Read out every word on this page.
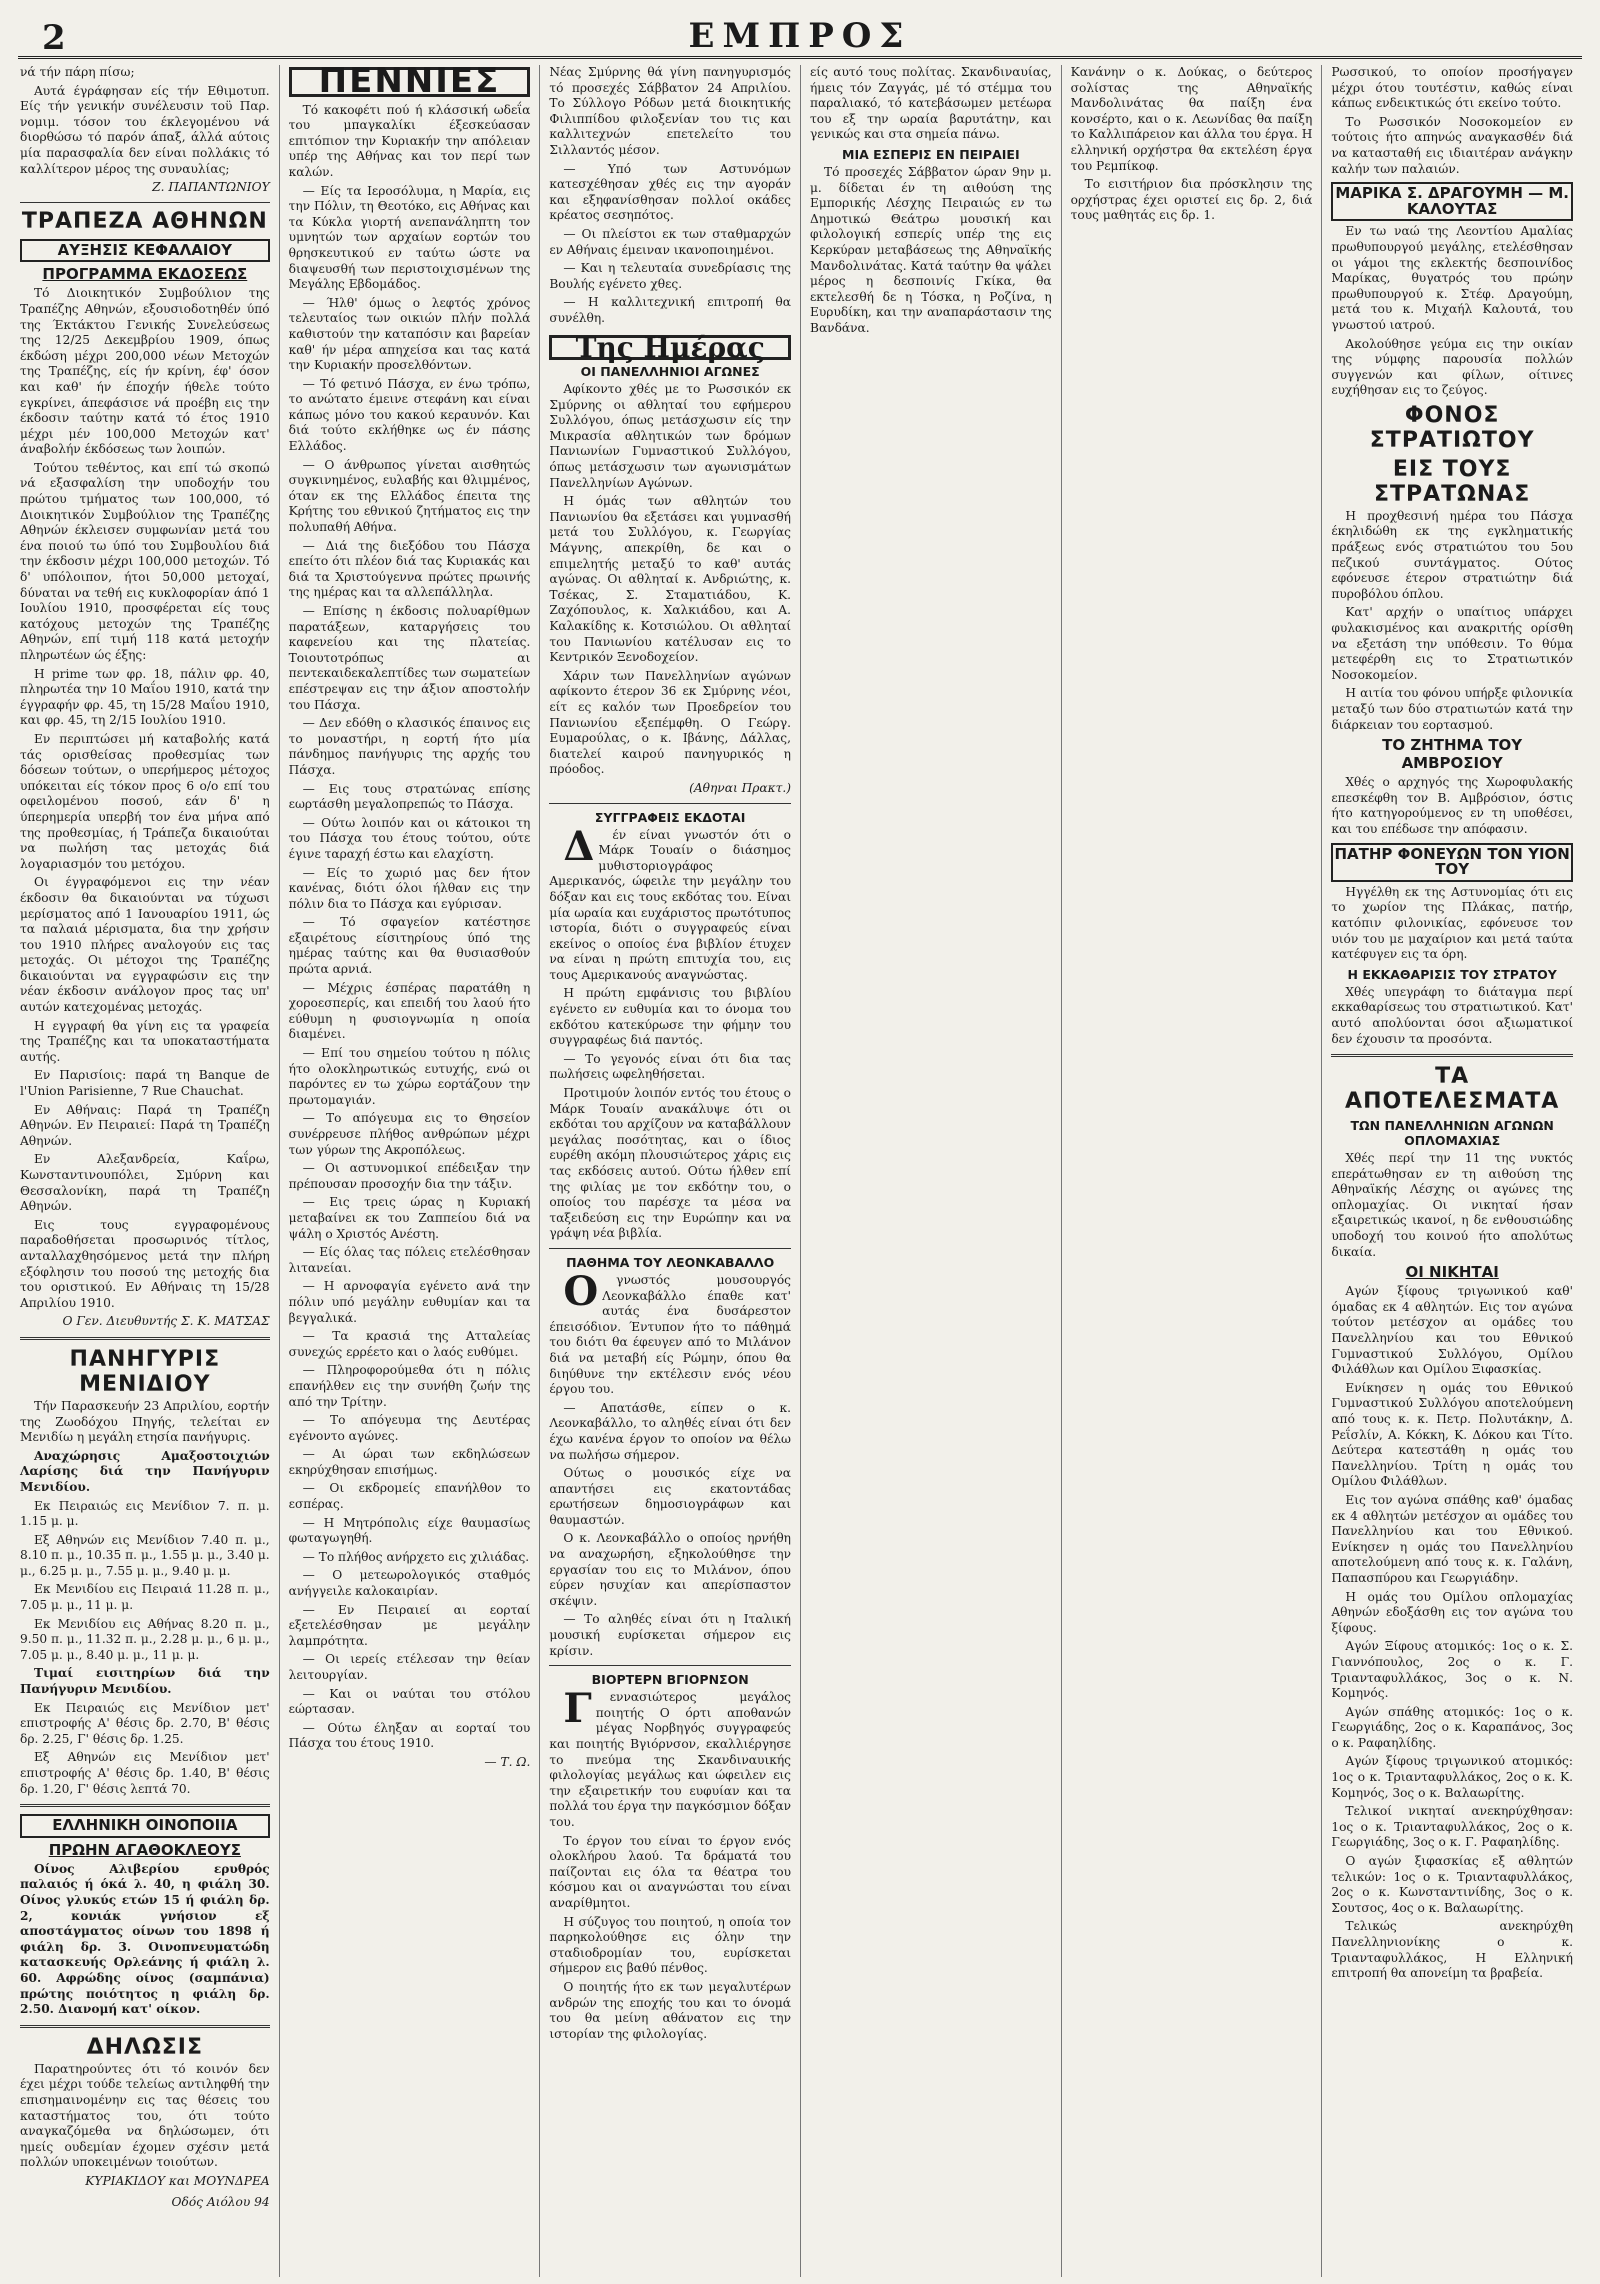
2	ΕΜΠΡΟΣ

νά τήν πάρη πίσω;

Αυτά έγράφησαν είς τήν Εθιμοτυπ. Είς τήν γενικήν συνέλευσιν τοϋ Παρ. νομιμ. τόσον του έκλεγομένου νά διορθώσω τό παρόν άπαξ, άλλά αύτοις μία παρασφαλία δεν είναι πολλάκις τό καλλίτερον μέρος της συναυλίας;

Ζ. ΠΑΠΑΝΤΩΝΙΟΥ
ΤΡΑΠΕΖΑ ΑΘΗΝΩΝ
ΑΥΞΗΣΙΣ ΚΕΦΑΛΑΙΟΥ
ΠΡΟΓΡΑΜΜΑ ΕΚΔΟΣΕΩΣ

Τό Διοικητικόν Συμβούλιον της Τραπέζης Αθηνών, εξουσιοδοτηθέν ύπό της Έκτάκτου Γενικής Συνελεύσεως της 12/25 Δεκεμβρίου 1909, όπως έκδώση μέχρι 200,000 νέων Μετοχών της Τραπέζης, είς ήν κρίνη, έφ' όσον και καθ' ήν έποχήν ήθελε τούτο εγκρίνει, άπεφάσισε νά προέβη εις την έκδοσιν ταύτην κατά τό έτος 1910 μέχρι μέν 100,000 Μετοχών κατ' άναβολήν έκδόσεως των λοιπών.

Τούτου τεθέντος, και επί τώ σκοπώ νά εξασφαλίση την υποδοχήν του πρώτου τμήματος των 100,000, τό Διοικητικόν Συμβούλιον της Τραπέζης Αθηνών έκλεισεν συμφωνίαν μετά του ένα ποιού τω ύπό του Συμβουλίου διά την έκδοσιν μέχρι 100,000 μετοχών. Τό δ' υπόλοιπον, ήτοι 50,000 μετοχαί, δύναται να τεθή εις κυκλοφορίαν άπό 1 Ιουλίου 1910, προσφέρεται είς τους κατόχους μετοχών της Τραπέζης Αθηνών, επί τιμή 118 κατά μετοχήν πληρωτέων ώς έξης:

Η prime των φρ. 18, πάλιν φρ. 40, πληρωτέα την 10 Μαΐου 1910, κατά την έγγραφήν φρ. 45, τη 15/28 Μαΐου 1910, και φρ. 45, τη 2/15 Ιουλίου 1910.

Εν περιπτώσει μή καταβολής κατά τάς ορισθείσας προθεσμίας των δόσεων τούτων, ο υπερήμερος μέτοχος υπόκειται είς τόκον προς 6 ο/ο επί του οφειλομένου ποσού, εάν δ' η ύπερημερία υπερβή τον ένα μήνα από της προθεσμίας, ή Τράπεζα δικαιούται να πωλήση τας μετοχάς διά λογαριασμόν του μετόχου.

Οι έγγραφόμενοι εις την νέαν έκδοσιν θα δικαιούνται να τύχωσι μερίσματος από 1 Ιανουαρίου 1911, ώς τα παλαιά μέρισματα, δια την χρήσιν του 1910 πλήρες αναλογούν εις τας μετοχάς. Οι μέτοχοι της Τραπέζης δικαιούνται να εγγραφώσιν εις την νέαν έκδοσιν ανάλογον προς τας υπ' αυτών κατεχομένας μετοχάς.

Η εγγραφή θα γίνη εις τα γραφεία της Τραπέζης και τα υποκαταστήματα αυτής.

Εν Παρισίοις: παρά τη Banque de l'Union Parisienne, 7 Rue Chauchat.

Εν Αθήναις: Παρά τη Τραπέζη Αθηνών. Εν Πειραιεί: Παρά τη Τραπέζη Αθηνών.

Εν Αλεξανδρεία, Καΐρω, Κωνσταντινουπόλει, Σμύρνη και Θεσσαλονίκη, παρά τη Τραπέζη Αθηνών.

Εις τους εγγραφομένους παραδοθήσεται προσωρινός τίτλος, ανταλλαχθησόμενος μετά την πλήρη εξόφλησιν του ποσού της μετοχής δια του οριστικού. Εν Αθήναις τη 15/28 Απριλίου 1910.

Ο Γεν. Διευθυντής Σ. Κ. ΜΑΤΣΑΣ
ΠΑΝΗΓΥΡΙΣ ΜΕΝΙΔΙΟΥ

Τήν Παρασκευήν 23 Απριλίου, εορτήν της Ζωοδόχου Πηγής, τελείται εν Μενιδίω η μεγάλη ετησία πανήγυρις.

Αναχώρησις Αμαξοστοιχιών Λαρίσης διά την Πανήγυριν Μενιδίου.

Εκ Πειραιώς εις Μενίδιον 7. π. μ. 1.15 μ. μ.

Εξ Αθηνών εις Μενίδιον 7.40 π. μ., 8.10 π. μ., 10.35 π. μ., 1.55 μ. μ., 3.40 μ. μ., 6.25 μ. μ., 7.55 μ. μ., 9.40 μ. μ.

Εκ Μενιδίου εις Πειραιά 11.28 π. μ., 7.05 μ. μ., 11 μ. μ.

Εκ Μενιδίου εις Αθήνας 8.20 π. μ., 9.50 π. μ., 11.32 π. μ., 2.28 μ. μ., 6 μ. μ., 7.05 μ. μ., 8.40 μ. μ., 11 μ. μ.

Τιμαί εισιτηρίων διά την Πανήγυριν Μενιδίου.

Εκ Πειραιώς εις Μενίδιον μετ' επιστροφής Α' θέσις δρ. 2.70, Β' θέσις δρ. 2.25, Γ' θέσις δρ. 1.25.

Εξ Αθηνών εις Μενίδιον μετ' επιστροφής Α' θέσις δρ. 1.40, Β' θέσις δρ. 1.20, Γ' θέσις λεπτά 70.

ΕΛΛΗΝΙΚΗ ΟΙΝΟΠΟΙΙΑ
ΠΡΩΗΝ ΑΓΑΘΟΚΛΕΟΥΣ

Οίνος Αλιβερίου ερυθρός παλαιός ή όκά λ. 40, η φιάλη 30. Οίνος γλυκύς ετών 15 ή φιάλη δρ. 2, κονιάκ γνήσιον εξ αποστάγματος οίνων του 1898 ή φιάλη δρ. 3. Οινοπνευματώδη κατασκευής Ορλεάνης ή φιάλη λ. 60. Αφρώδης οίνος (σαμπάνια) πρώτης ποιότητος η φιάλη δρ. 2.50. Διανομή κατ' οίκον.

ΔΗΛΩΣΙΣ

Παρατηρούντες ότι τό κοινόν δεν έχει μέχρι τούδε τελείως αντιληφθή την επισημαινομένην εις τας θέσεις του καταστήματος του, ότι τούτο αναγκαζόμεθα να δηλώσωμεν, ότι ημείς ουδεμίαν έχομεν σχέσιν μετά πολλών υποκειμένων τοιούτων.

ΚΥΡΙΑΚΙΔΟΥ και ΜΟΥΝΔΡΕΑ
Οδός Αιόλου 94
ΠΕΝΝΙΕΣ

Τό κακοφέτι πού ή κλάσσική ωδεΐα του μπαγκαλίκι έξεσκεύασαν επιτόπιον την Κυριακήν την απόλειαν υπέρ της Αθήνας και τον περί των καλών.

— Είς τα Ιεροσόλυμα, η Μαρία, εις την Πόλιν, τη Θεοτόκο, εις Αθήνας και τα Κύκλα γιορτή ανεπανάληπτη τον υμνητών των αρχαίων εορτών του θρησκευτικού εν ταύτω ώστε να διαψευσθή των περιστοιχισμένων της Μεγάλης Εβδομάδος.

— Ήλθ' όμως ο λεφτός χρόνος τελευταίος των οικιών πλήν πολλά καθιστούν την καταπόσιν και βαρείαν καθ' ήν μέρα απηχείσα και τας κατά την Κυριακήν προσελθόντων.

— Τό φετινό Πάσχα, εν ένω τρόπω, το ανώτατο έμεινε στεφάνη και είναι κάπως μόνο του κακού κεραυνόν. Και διά τούτο εκλήθηκε ως έν πάσης Ελλάδος.

— Ο άνθρωπος γίνεται αισθητώς συγκινημένος, ευλαβής και θλιμμένος, όταν εκ της Ελλάδος έπειτα της Κρήτης του εθνικού ζητήματος εις την πολυπαθή Αθήνα.

— Διά της διεξόδου του Πάσχα επείτο ότι πλέον διά τας Κυριακάς και διά τα Χριστούγεννα πρώτες πρωινής της ημέρας και τα αλλεπάλληλα.

— Επίσης η έκδοσις πολυαρίθμων παρατάξεων, καταργήσεις του καφενείου και της πλατείας. Τοιουτοτρόπως αι πεντεκαιδεκαλεπτίδες των σωματείων επέστρεψαν εις την άξιον αποστολήν του Πάσχα.

— Δεν εδόθη ο κλασικός έπαινος εις το μοναστήρι, η εορτή ήτο μία πάνδημος πανήγυρις της αρχής του Πάσχα.

— Εις τους στρατώνας επίσης εωρτάσθη μεγαλοπρεπώς το Πάσχα.

— Ούτω λοιπόν και οι κάτοικοι τη του Πάσχα του έτους τούτου, ούτε έγινε ταραχή έστω και ελαχίστη.

— Είς το χωριό μας δεν ήτον κανένας, διότι όλοι ήλθαν εις την πόλιν δια το Πάσχα και εγύρισαν.

— Τό σφαγείον κατέστησε εξαιρέτους είσιτηρίους ύπό της ημέρας ταύτης και θα θυσιασθούν πρώτα αρνιά.

— Μέχρις έσπέρας παρατάθη η χοροεσπερίς, και επειδή του λαού ήτο εύθυμη η φυσιογνωμία η οποία διαμένει.

— Επί του σημείου τούτου η πόλις ήτο ολοκληρωτικώς ευτυχής, ενώ οι παρόντες εν τω χώρω εορτάζουν την πρωτομαγιάν.

— Το απόγευμα εις το Θησείον συνέρρευσε πλήθος ανθρώπων μέχρι των γύρων της Ακροπόλεως.

— Οι αστυνομικοί επέδειξαν την πρέπουσαν προσοχήν δια την τάξιν.

— Εις τρεις ώρας η Κυριακή μεταβαίνει εκ του Ζαππείου διά να ψάλη ο Χριστός Ανέστη.

— Είς όλας τας πόλεις ετελέσθησαν λιτανείαι.

— Η αρνοφαγία εγένετο ανά την πόλιν υπό μεγάλην ευθυμίαν και τα βεγγαλικά.

— Τα κρασιά της Ατταλείας συνεχώς ερρέετο και ο λαός ευθύμει.

— Πληροφορούμεθα ότι η πόλις επανήλθεν εις την συνήθη ζωήν της από την Τρίτην.

— Το απόγευμα της Δευτέρας εγένοντο αγώνες.

— Αι ώραι των εκδηλώσεων εκηρύχθησαν επισήμως.

— Οι εκδρομείς επανήλθον το εσπέρας.

— Η Μητρόπολις είχε θαυμασίως φωταγωγηθή.

— Το πλήθος ανήρχετο εις χιλιάδας.

— Ο μετεωρολογικός σταθμός ανήγγειλε καλοκαιρίαν.

— Εν Πειραιεί αι εορταί εξετελέσθησαν με μεγάλην λαμπρότητα.

— Οι ιερείς ετέλεσαν την θείαν λειτουργίαν.

— Και οι ναύται του στόλου εώρτασαν.

— Ούτω έληξαν αι εορταί του Πάσχα του έτους 1910.

— Τ. Ω.

Νέας Σμύρνης θά γίνη πανηγυρισμός τό προσεχές Σάββατον 24 Απριλίου. Το Σύλλογο Ρόδων μετά διοικητικής Φιλιππίδου φιλοξενίαν του τις και καλλιτεχνών επετελείτο του Σιλλαντός μέσον.

— Υπό των Αστυνόμων κατεσχέθησαν χθές εις την αγοράν και εξηφανίσθησαν πολλοί οκάδες κρέατος σεσηπότος.

— Οι πλείστοι εκ των σταθμαρχών εν Αθήναις έμειναν ικανοποιημένοι.

— Και η τελευταία συνεδρίασις της Βουλής εγένετο χθες.

— Η καλλιτεχνική επιτροπή θα συνέλθη.

Της Ημέρας
ΟΙ ΠΑΝΕΛΛΗΝΙΟΙ ΑΓΩΝΕΣ

Αφίκοντο χθές με το Ρωσσικόν εκ Σμύρνης οι αθληταί του εφήμερου Συλλόγου, όπως μετάσχωσιν είς την Μικρασία αθλητικών των δρόμων Πανιωνίων Γυμναστικού Συλλόγου, όπως μετάσχωσιν των αγωνισμάτων Πανελληνίων Αγώνων.

Η όμάς των αθλητών του Πανιωνίου θα εξετάσει και γυμνασθή μετά του Συλλόγου, κ. Γεωργίας Μάγνης, απεκρίθη, δε και ο επιμελητής μεταξύ το καθ' αυτάς αγώνας. Οι αθληταί κ. Ανδριώτης, κ. Τσέκας, Σ. Σταματιάδου, Κ. Ζαχόπουλος, κ. Χαλκιάδου, και Α. Καλακίδης κ. Κοτσιώλου. Οι αθληταί του Πανιωνίου κατέλυσαν εις το Κεντρικόν Ξενοδοχείον.

Χάριν των Πανελληνίων αγώνων αφίκοντο έτερον 36 εκ Σμύρνης νέοι, είτ ες καλόν των Προεδρείον του Πανιωνίου εξεπέμφθη. Ο Γεώργ. Ευμαρούλας, ο κ. Ιβάνης, Δάλλας, διατελεί καιρού πανηγυρικός η πρόοδος.

(Αθηναι Πρακτ.)
ΣΥΓΓΡΑΦΕΙΣ ΕΚΔΟΤΑΙ

Δέν είναι γνωστόν ότι ο Μάρκ Τουαίν ο διάσημος μυθιστοριογράφος Αμερικανός, ώφειλε την μεγάλην του δόξαν και εις τους εκδότας του. Είναι μία ωραία και ευχάριστος πρωτότυπος ιστορία, διότι ο συγγραφεύς είναι εκείνος ο οποίος ένα βιβλίον έτυχεν να είναι η πρώτη επιτυχία του, εις τους Αμερικανούς αναγνώστας.

Η πρώτη εμφάνισις του βιβλίου εγένετο εν ευθυμία και το όνομα του εκδότου κατεκύρωσε την φήμην του συγγραφέως διά παντός.

— Το γεγονός είναι ότι δια τας πωλήσεις ωφεληθήσεται.

Προτιμούν λοιπόν εντός του έτους ο Μάρκ Τουαίν ανακάλυψε ότι οι εκδόται του αρχίζουν να καταβάλλουν μεγάλας ποσότητας, και ο ίδιος ευρέθη ακόμη πλουσιώτερος χάρις εις τας εκδόσεις αυτού. Ούτω ήλθεν επί της φιλίας με τον εκδότην του, ο οποίος του παρέσχε τα μέσα να ταξειδεύση εις την Ευρώπην και να γράψη νέα βιβλία.

ΠΑΘΗΜΑ ΤΟΥ ΛΕΟΝΚΑΒΑΛΛΟ

Ογνωστός μουσουργός Λεονκαβάλλο έπαθε κατ' αυτάς ένα δυσάρεστον έπεισόδιον. Έντυπον ήτο το πάθημά του διότι θα έφευγεν από το Μιλάνον διά να μεταβή είς Ρώμην, όπου θα διηύθυνε την εκτέλεσιν ενός νέου έργου του.

— Απατάσθε, είπεν ο κ. Λεονκαβάλλο, το αληθές είναι ότι δεν έχω κανένα έργον το οποίον να θέλω να πωλήσω σήμερον.

Ούτως ο μουσικός είχε να απαντήσει εις εκατοντάδας ερωτήσεων δημοσιογράφων και θαυμαστών.

Ο κ. Λεονκαβάλλο ο οποίος ηρνήθη να αναχωρήση, εξηκολούθησε την εργασίαν του εις το Μιλάνον, όπου εύρεν ησυχίαν και απερίσπαστον σκέψιν.

— Το αληθές είναι ότι η Ιταλική μουσική ευρίσκεται σήμερον εις κρίσιν.

ΒΙΟΡΤΕΡΝ ΒΓΙΟΡΝΣΟΝ

Γεννασιώτερος μεγάλος ποιητής Ο όρτι αποθανών μέγας Νορβηγός συγγραφεύς και ποιητής Βγιόρνσον, εκαλλιέργησε το πνεύμα της Σκανδιναυικής φιλολογίας μεγάλως και ώφειλεν εις την εξαιρετικήν του ευφυίαν και τα πολλά του έργα την παγκόσμιον δόξαν του.

Το έργον του είναι το έργον ενός ολοκλήρου λαού. Τα δράματά του παίζονται εις όλα τα θέατρα του κόσμου και οι αναγνώσται του είναι αναρίθμητοι.

Η σύζυγος του ποιητού, η οποία τον παρηκολούθησε εις όλην την σταδιοδρομίαν του, ευρίσκεται σήμερον εις βαθύ πένθος.

Ο ποιητής ήτο εκ των μεγαλυτέρων ανδρών της εποχής του και το όνομά του θα μείνη αθάνατον εις την ιστορίαν της φιλολογίας.

είς αυτό τους πολίτας. Σκανδιναυίας, ήμεις τόν Ζαγγάς, μέ τό στέμμα του παραλιακό, τό κατεβάσωμεν μετέωρα του εξ την ωραία βαρυτάτην, και γενικώς και στα σημεία πάνω.

ΜΙΑ ΕΣΠΕΡΙΣ ΕΝ ΠΕΙΡΑΙΕΙ

Τό προσεχές Σάββατον ώραν 9ην μ. μ. δίδεται έν τη αιθούση της Εμπορικής Λέσχης Πειραιώς εν τω Δημοτικώ Θεάτρω μουσική και φιλολογική εσπερίς υπέρ της εις Κερκύραν μεταβάσεως της Αθηναϊκής Μανδολινάτας. Κατά ταύτην θα ψάλει μέρος η δεσποινίς Γκίκα, θα εκτελεσθή δε η Τόσκα, η Ροζίνα, η Ευρυδίκη, και την αναπαράστασιν της Βανδάνα.

Κανάνην ο κ. Δούκας, ο δεύτερος σολίστας της Αθηναϊκής Μανδολινάτας θα παίξη ένα κονσέρτο, και ο κ. Λεωνίδας θα παίξη το Καλλιπάρειον και άλλα του έργα. Η ελληνική ορχήστρα θα εκτελέση έργα του Ρεμπίκοφ.

Το εισιτήριον δια πρόσκλησιν της ορχήστρας έχει οριστεί εις δρ. 2, διά τους μαθητάς εις δρ. 1.

Ρωσσικού, το οποίον προσήγαγεν μέχρι ότου τουτέστιν, καθώς είναι κάπως ενδεικτικώς ότι εκείνο τούτο.

Το Ρωσσικόν Νοσοκομείον εν τούτοις ήτο απηνώς αναγκασθέν διά να κατασταθή εις ιδιαιτέραν ανάγκην καλήν των παλαιών.

ΜΑΡΙΚΑ Σ. ΔΡΑΓΟΥΜΗ — Μ. ΚΑΛΟΥΤΑΣ

Εν τω ναώ της Λεοντίου Αμαλίας πρωθυπουργού μεγάλης, ετελέσθησαν οι γάμοι της εκλεκτής δεσποινίδος Μαρίκας, θυγατρός του πρώην πρωθυπουργού κ. Στέφ. Δραγούμη, μετά του κ. Μιχαήλ Καλουτά, του γνωστού ιατρού.

Ακολούθησε γεύμα εις την οικίαν της νύμφης παρουσία πολλών συγγενών και φίλων, οίτινες ευχήθησαν εις το ζεύγος.

ΦΟΝΟΣ ΣΤΡΑΤΙΩΤΟΥ
ΕΙΣ ΤΟΥΣ ΣΤΡΑΤΩΝΑΣ

Η προχθεσινή ημέρα του Πάσχα έκηλιδώθη εκ της εγκληματικής πράξεως ενός στρατιώτου του 5ου πεζικού συντάγματος. Ούτος εφόνευσε έτερον στρατιώτην διά πυροβόλου όπλου.

Κατ' αρχήν ο υπαίτιος υπάρχει φυλακισμένος και ανακριτής ορίσθη να εξετάση την υπόθεσιν. Το θύμα μετεφέρθη εις το Στρατιωτικόν Νοσοκομείον.

Η αιτία του φόνου υπήρξε φιλονικία μεταξύ των δύο στρατιωτών κατά την διάρκειαν του εορτασμού.

ΤΟ ΖΗΤΗΜΑ ΤΟΥ ΑΜΒΡΟΣΙΟΥ

Χθές ο αρχηγός της Χωροφυλακής επεσκέφθη τον Β. Αμβρόσιον, όστις ήτο κατηγορούμενος εν τη υποθέσει, και του επέδωσε την απόφασιν.

ΠΑΤΗΡ ΦΟΝΕΥΩΝ ΤΟΝ ΥΙΟΝ ΤΟΥ

Ηγγέλθη εκ της Αστυνομίας ότι εις το χωρίον της Πλάκας, πατήρ, κατόπιν φιλονικίας, εφόνευσε τον υιόν του με μαχαίριον και μετά ταύτα κατέφυγεν εις τα όρη.

Η ΕΚΚΑΘΑΡΙΣΙΣ ΤΟΥ ΣΤΡΑΤΟΥ

Χθές υπεγράφη το διάταγμα περί εκκαθαρίσεως του στρατιωτικού. Κατ' αυτό απολύονται όσοι αξιωματικοί δεν έχουσιν τα προσόντα.

ΤΑ ΑΠΟΤΕΛΕΣΜΑΤΑ
ΤΩΝ ΠΑΝΕΛΛΗΝΙΩΝ ΑΓΩΝΩΝ ΟΠΛΟΜΑΧΙΑΣ

Χθές περί την 11 της νυκτός επεράτωθησαν εν τη αιθούση της Αθηναϊκής Λέσχης οι αγώνες της οπλομαχίας. Οι νικηταί ήσαν εξαιρετικώς ικανοί, η δε ενθουσιώδης υποδοχή του κοινού ήτο απολύτως δικαία.

ΟΙ ΝΙΚΗΤΑΙ

Αγών ξίφους τριγωνικού καθ' όμαδας εκ 4 αθλητών. Εις τον αγώνα τούτον μετέσχον αι ομάδες του Πανελληνίου και του Εθνικού Γυμναστικού Συλλόγου, Ομίλου Φιλάθλων και Ομίλου Ξιφασκίας.

Ενίκησεν η ομάς του Εθνικού Γυμναστικού Συλλόγου αποτελούμενη από τους κ. κ. Πετρ. Πολυτάκην, Δ. Ρεΐσλίν, Α. Κόκκη, Κ. Δόκου και Τίτο. Δεύτερα κατεστάθη η ομάς του Πανελληνίου. Τρίτη η ομάς του Ομίλου Φιλάθλων.

Εις τον αγώνα σπάθης καθ' όμαδας εκ 4 αθλητών μετέσχον αι ομάδες του Πανελληνίου και του Εθνικού. Ενίκησεν η ομάς του Πανελληνίου αποτελούμενη από τους κ. κ. Γαλάνη, Παπασπύρου και Γεωργιάδην.

Η ομάς του Ομίλου οπλομαχίας Αθηνών εδοξάσθη εις τον αγώνα του ξίφους.

Αγών Ξίφους ατομικός: 1ος ο κ. Σ. Γιαννόπουλος, 2ος ο κ. Γ. Τριανταφυλλάκος, 3ος ο κ. Ν. Κομηνός.

Αγών σπάθης ατομικός: 1ος ο κ. Γεωργιάδης, 2ος ο κ. Καραπάνος, 3ος ο κ. Ραφαηλίδης.

Αγών ξίφους τριγωνικού ατομικός: 1ος ο κ. Τριανταφυλλάκος, 2ος ο κ. Κ. Κομηνός, 3ος ο κ. Βαλαωρίτης.

Τελικοί νικηταί ανεκηρύχθησαν: 1ος ο κ. Τριανταφυλλάκος, 2ος ο κ. Γεωργιάδης, 3ος ο κ. Γ. Ραφαηλίδης.

Ο αγών ξιφασκίας εξ αθλητών τελικών: 1ος ο κ. Τριανταφυλλάκος, 2ος ο κ. Κωνσταντινίδης, 3ος ο κ. Σουτσος, 4ος ο κ. Βαλαωρίτης.

Τελικώς ανεκηρύχθη Πανελληνιονίκης ο κ. Τριανταφυλλάκος, Η Ελληνική επιτροπή θα απονείμη τα βραβεία.
